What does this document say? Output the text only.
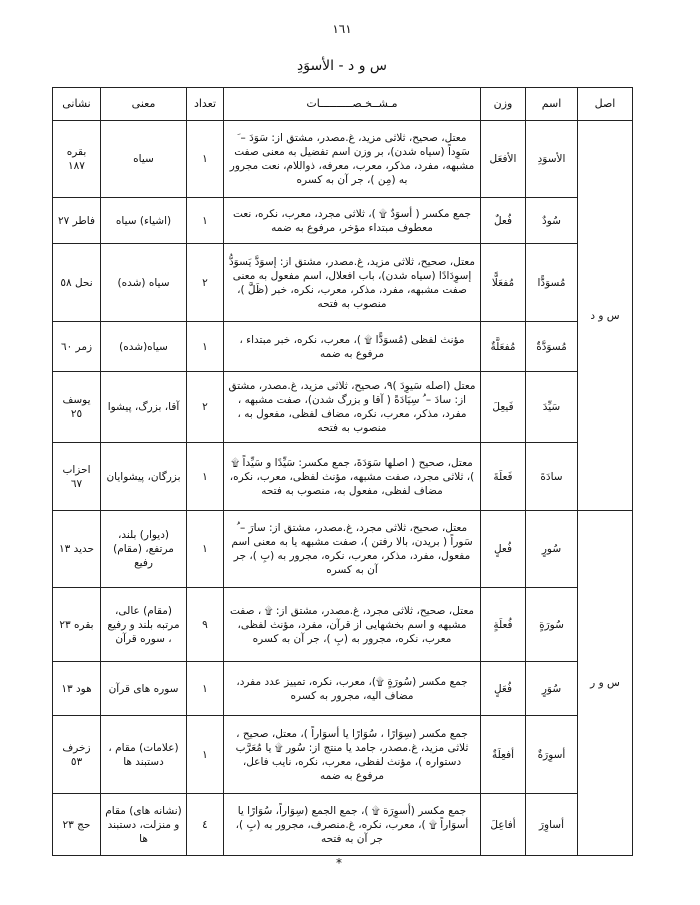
١٦١
س و د - الأسوَدِ
اصل	اسم	وزن	مـشــخـصــــــــــات	تعداد	معنی	نشانی
س و د	الأسوَدِ	الأفعَل	معتل، صحیح، ثلاثی مزید، غ.مصدر، مشتق از: سَوَدَ – َ سَوِداً (سیاه شدن)، بر وزن اسم تفضیل به معنی صفت مشبهه، مفرد، مذکر، معرب، معرفه، ذواللام، نعت مجرور به (مِن )، جر آن به کسره	١	سیاه	بقره ١٨٧
	سُودٌ	فُعلٌ	جمع مکسر ( أسوَدٌ ۩ )، ثلاثی مجرد، معرب، نکره، نعت معطوف مبتداء مؤخر، مرفوع به ضمه	١	(اشیاء) سیاه	فاطر ٢٧
	مُسوَدًّا	مُفعَلًّا	معتل، صحیح، ثلاثی مزید، غ.مصدر، مشتق از: إسوَدَّ يَسوَدُّ إسوِدَادًا (سیاه شدن)، باب افعلال، اسم مفعول به معنی صفت مشبهه، مفرد، مذکر، معرب، نکره، خبر (ظَلَّ )، منصوب به فتحه	٢	سیاه (شده)	نحل ٥٨
	مُسوَدَّةٌ	مُفعَلَّةٌ	مؤنث لفظی (مُسوَدًّا ۩ )، معرب، نکره، خبر مبتداء ، مرفوع به ضمه	١	سیاه(شده)	زمر ٦٠
	سَیِّدَ	فَیعِلَ	معتل (اصله سَیوِدَ )٩، صحیح، ثلاثی مزید، غ.مصدر، مشتق از: سادَ – ُ سِیَادَةً ( آقا و بزرگ شدن)، صفت مشبهه ، مفرد، مذکر، معرب، نکره، مضاف لفظی، مفعول به ، منصوب به فتحه	٢	آقا، بزرگ، پیشوا	یوسف ٢٥
	سادَةَ	فَعلَةَ	معتل، صحیح ( اصلها سَوَدَةَ، جمع مکسر: سَیِّدًا و سَیِّداً ۩ )، ثلاثی مجرد، صفت مشبهه، مؤنث لفظی، معرب، نکره، مضاف لفظی، مفعول به، منصوب به فتحه	١	بزرگان، پیشوایان	احزاب ٦٧
س و ر	سُورٍ	فُعلٍ	معتل، صحیح، ثلاثی مجرد، غ.مصدر، مشتق از: سارَ – ُ سَوراً ( بریدن، بالا رفتن )، صفت مشبهه یا به معنی اسم مفعول، مفرد، مذکر، معرب، نکره، مجرور به (بِ )، جر آن به کسره	١	(دیوار) بلند، مرتفع، (مقام) رفیع	حدید ١٣
	سُورَةٍ	فُعلَةٍ	معتل، صحیح، ثلاثی مجرد، غ.مصدر، مشتق از: ۩ ، صفت مشبهه و اسم بخشهایی از قرآن، مفرد، مؤنث لفظی، معرب، نکره، مجرور به (بِ )، جر آن به کسره	٩	(مقام) عالی، مرتبه بلند و رفیع ، سوره قرآن	بقره ٢٣
	سُوَرٍ	فُعَلٍ	جمع مکسر (سُورَةٍ ۩)، معرب، نکره، تمییز عدد مفرد، مضاف الیه، مجرور به کسره	١	سوره های قرآن	هود ١٣
	أسوِرَةٌ	أفعِلَةٌ	جمع مکسر (سِوَارًا ، سُوَارًا یا أسوَاراً )، معتل، صحیح ، ثلاثی مزید، غ.مصدر، جامد یا منتج از: سُور ۩ یا مُعَرَّب دستواره )، مؤنث لفظی، معرب، نکره، نایب فاعل، مرفوع به ضمه	١	(علامات) مقام ، دستبند ها	زخرف ٥٣
	أساوِرَ	أفاعِلَ	جمع مکسر (أسوِرَة ۩ )، جمع الجمع (سِوَاراً، سُوَارًا یا أسوَاراً ۩ )، معرب، نکره، غ.منصرف، مجرور به (بِ )، جر آن به فتحه	٤	(نشانه های) مقام و منزلت، دستبند ها	حج ٢٣
*
